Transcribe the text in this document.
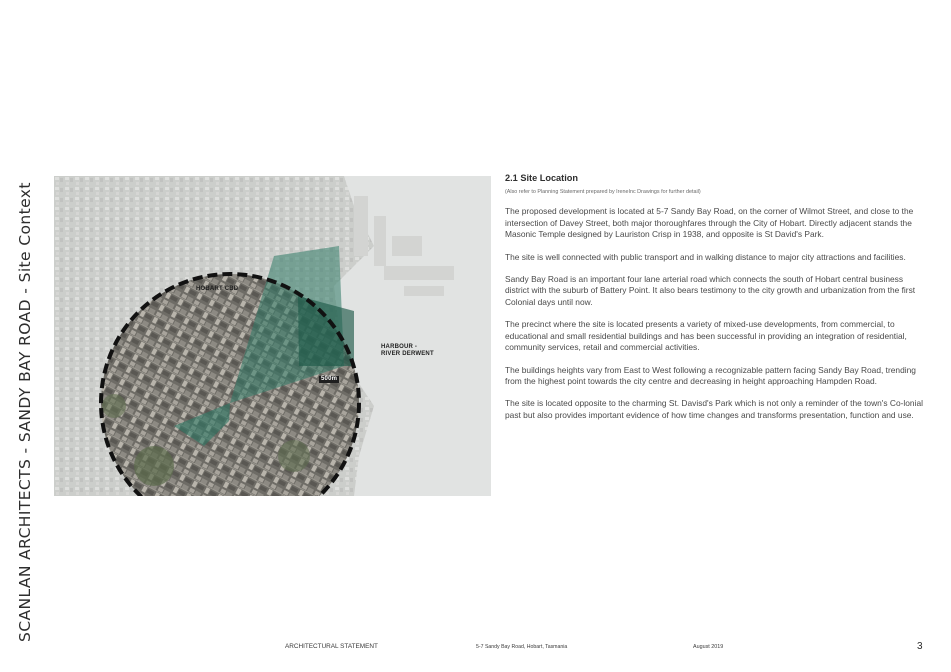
SCANLAN ARCHITECTS - SANDY BAY ROAD - Site Context
HOBART CBD
HARBOUR -
RIVER DERWENT
500m
2.1 Site Location
(Also refer to Planning Statement prepared by IreneInc Drawings for further detail)

The proposed development is located at 5-7 Sandy Bay Road, on the corner of Wilmot Street, and close to the intersection of Davey Street, both major thoroughfares through the City of Hobart. Directly adjacent stands the Masonic Temple designed by Lauriston Crisp in 1938, and opposite is St David's Park.

The site is well connected with public transport and in walking distance to major city attractions and facilities.

Sandy Bay Road is an important four lane arterial road which connects the south of Hobart central business district with the suburb of Battery Point. It also bears testimony to the city growth and urbanization from the first Colonial days until now.

The precinct where the site is located presents a variety of mixed-use developments, from commercial, to educational and small residential buildings and has been successful in providing an integration of residential, community services, retail and commercial activities.

The buildings heights vary from East to West following a recognizable pattern facing Sandy Bay Road, trending from the highest point towards the city centre and decreasing in height approaching Hampden Road.

The site is located opposite to the charming St. Davisd's Park which is not only a reminder of the town's Co-lonial past but also provides important evidence of how time changes and transforms presentation, function and use.

ARCHITECTURAL STATEMENT	5-7 Sandy Bay Road, Hobart, Tasmania	August 2019	3
